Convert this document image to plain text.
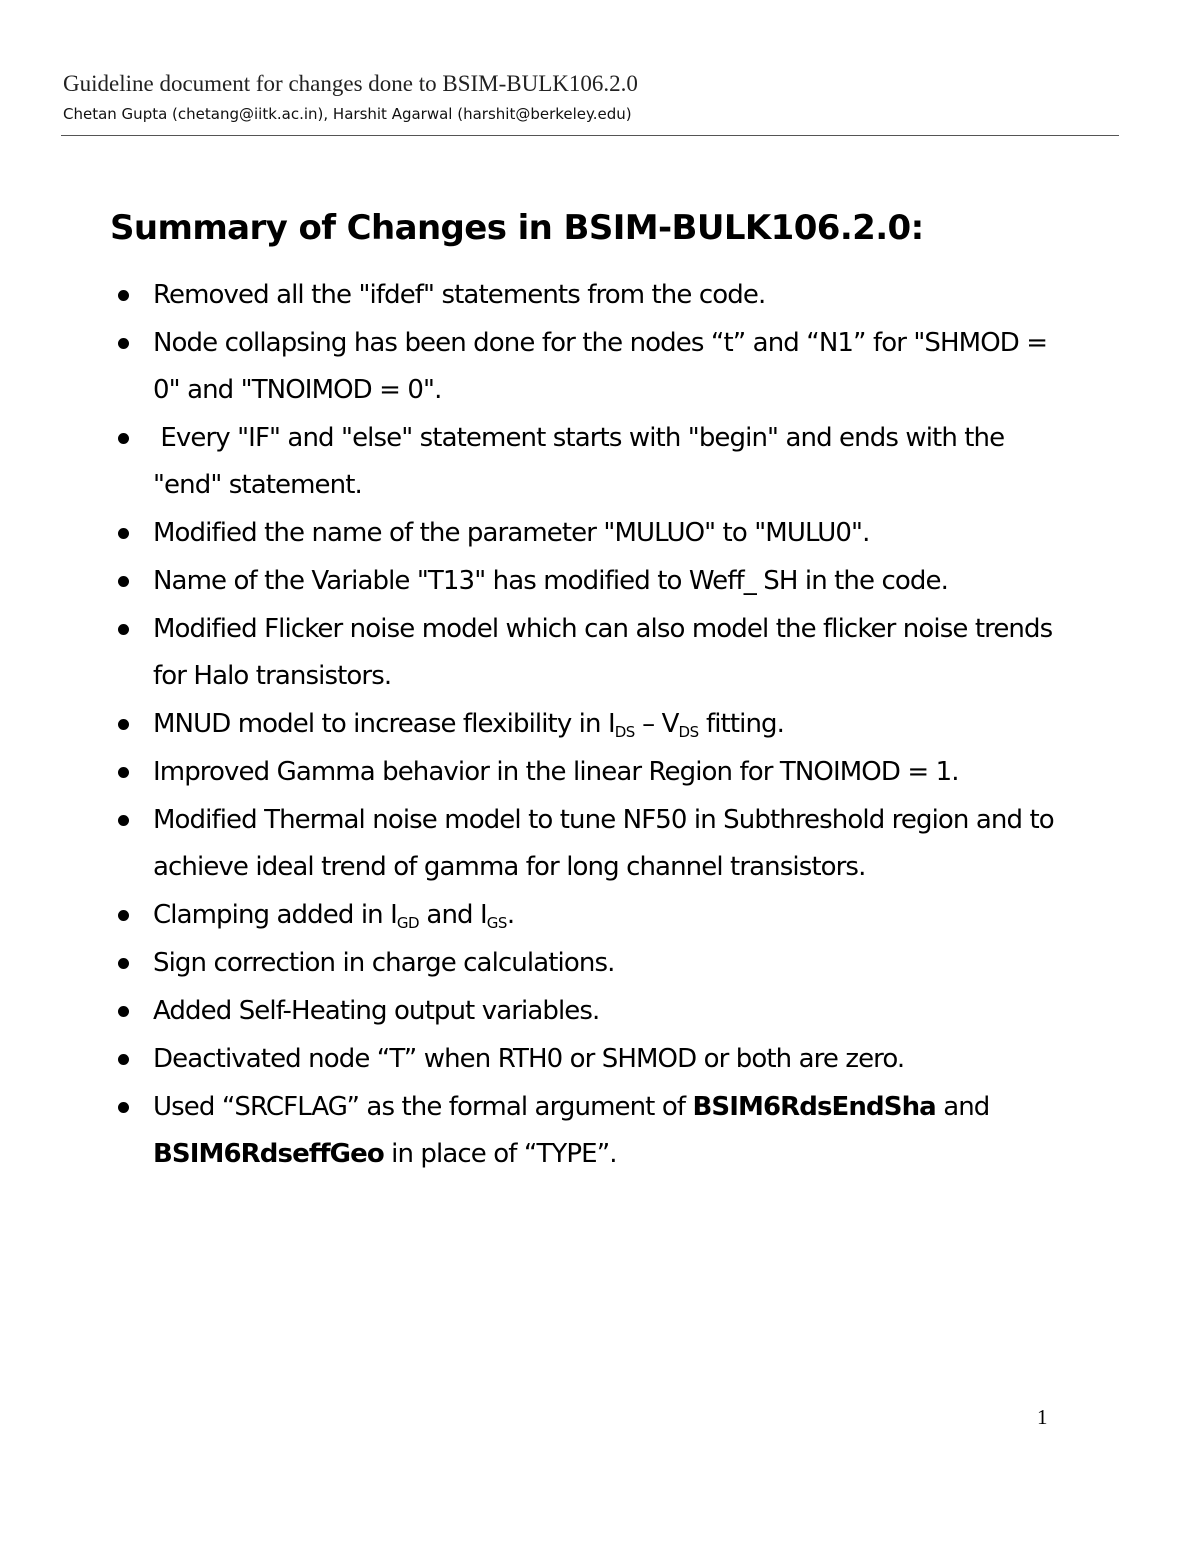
Guideline document for changes done to BSIM-BULK106.2.0
Chetan Gupta (chetang@iitk.ac.in), Harshit Agarwal (harshit@berkeley.edu)
Summary of Changes in BSIM-BULK106.2.0:
Removed all the "ifdef" statements from the code.
Node collapsing has been done for the nodes “t” and “N1” for "SHMOD = 0" and "TNOIMOD = 0".
Every "IF" and "else" statement starts with "begin" and ends with the "end" statement.
Modified the name of the parameter "MULUO" to "MULU0".
Name of the Variable "T13" has modified to Weff_ SH in the code.
Modified Flicker noise model which can also model the flicker noise trends for Halo transistors.
MNUD model to increase flexibility in $I_{DS} - V_{DS}$ fitting.
Improved Gamma behavior in the linear Region for TNOIMOD = 1.
Modified Thermal noise model to tune NF50 in Subthreshold region and to achieve ideal trend of gamma for long channel transistors.
Clamping added in $I_{GD}$ and $I_{GS}$.
Sign correction in charge calculations.
Added Self-Heating output variables.
Deactivated node “T” when RTH0 or SHMOD or both are zero.
Used “SRCFLAG” as the formal argument of BSIM6RdsEndSha and BSIM6RdseffGeo in place of “TYPE”.
1
